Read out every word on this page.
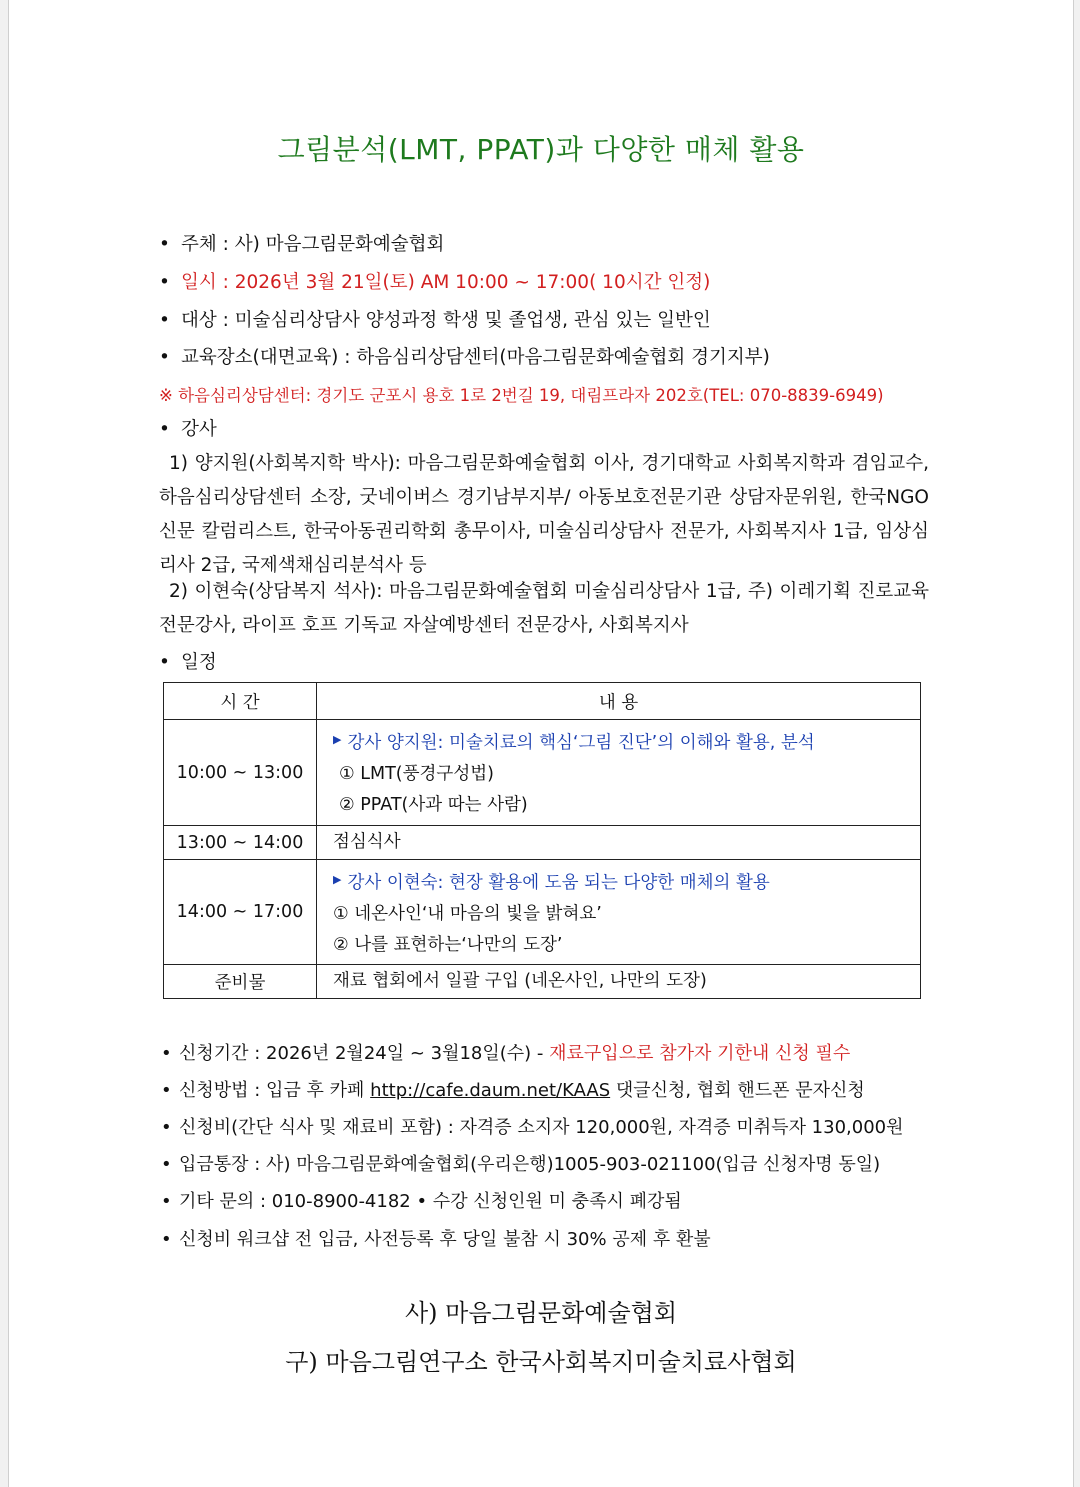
그림분석(LMT, PPAT)과 다양한 매체 활용
• 주체 : 사) 마음그림문화예술협회
• 일시 : 2026년 3월 21일(토) AM 10:00 ~ 17:00( 10시간 인정)
• 대상 : 미술심리상담사 양성과정 학생 및 졸업생, 관심 있는 일반인
• 교육장소(대면교육) : 하음심리상담센터(마음그림문화예술협회 경기지부)
※ 하음심리상담센터: 경기도 군포시 용호 1로 2번길 19, 대림프라자 202호(TEL: 070-8839-6949)
• 강사
1) 양지원(사회복지학 박사): 마음그림문화예술협회 이사, 경기대학교 사회복지학과 겸임교수, 하음심리상담센터 소장, 굿네이버스 경기남부지부/ 아동보호전문기관 상담자문위원, 한국NGO신문 칼럼리스트, 한국아동권리학회 총무이사, 미술심리상담사 전문가, 사회복지사 1급, 임상심리사 2급, 국제색채심리분석사 등
2) 이현숙(상담복지 석사): 마음그림문화예술협회 미술심리상담사 1급, 주) 이레기획 진로교육 전문강사, 라이프 호프 기독교 자살예방센터 전문강사, 사회복지사
• 일정
시 간	내 용
10:00 ~ 13:00	▶ 강사 양지원: 미술치료의 핵심‘그림 진단’의 이해와 활용, 분석
① LMT(풍경구성법)
② PPAT(사과 따는 사람)

13:00 ~ 14:00	점심식사
14:00 ~ 17:00	▶ 강사 이현숙: 현장 활용에 도움 되는 다양한 매체의 활용
① 네온사인‘내 마음의 빛을 밝혀요’
② 나를 표현하는‘나만의 도장’

준비물	재료 협회에서 일괄 구입 (네온사인, 나만의 도장)
• 신청기간 : 2026년 2월24일 ~ 3월18일(수) - 재료구입으로 참가자 기한내 신청 필수
• 신청방법 : 입금 후 카페 http://cafe.daum.net/KAAS 댓글신청, 협회 핸드폰 문자신청
• 신청비(간단 식사 및 재료비 포함) : 자격증 소지자 120,000원, 자격증 미취득자 130,000원
• 입금통장 : 사) 마음그림문화예술협회(우리은행)1005-903-021100(입금 신청자명 동일)
• 기타 문의 : 010-8900-4182 • 수강 신청인원 미 충족시 폐강됨
• 신청비 워크샵 전 입금, 사전등록 후 당일 불참 시 30% 공제 후 환불
사) 마음그림문화예술협회
구) 마음그림연구소 한국사회복지미술치료사협회
